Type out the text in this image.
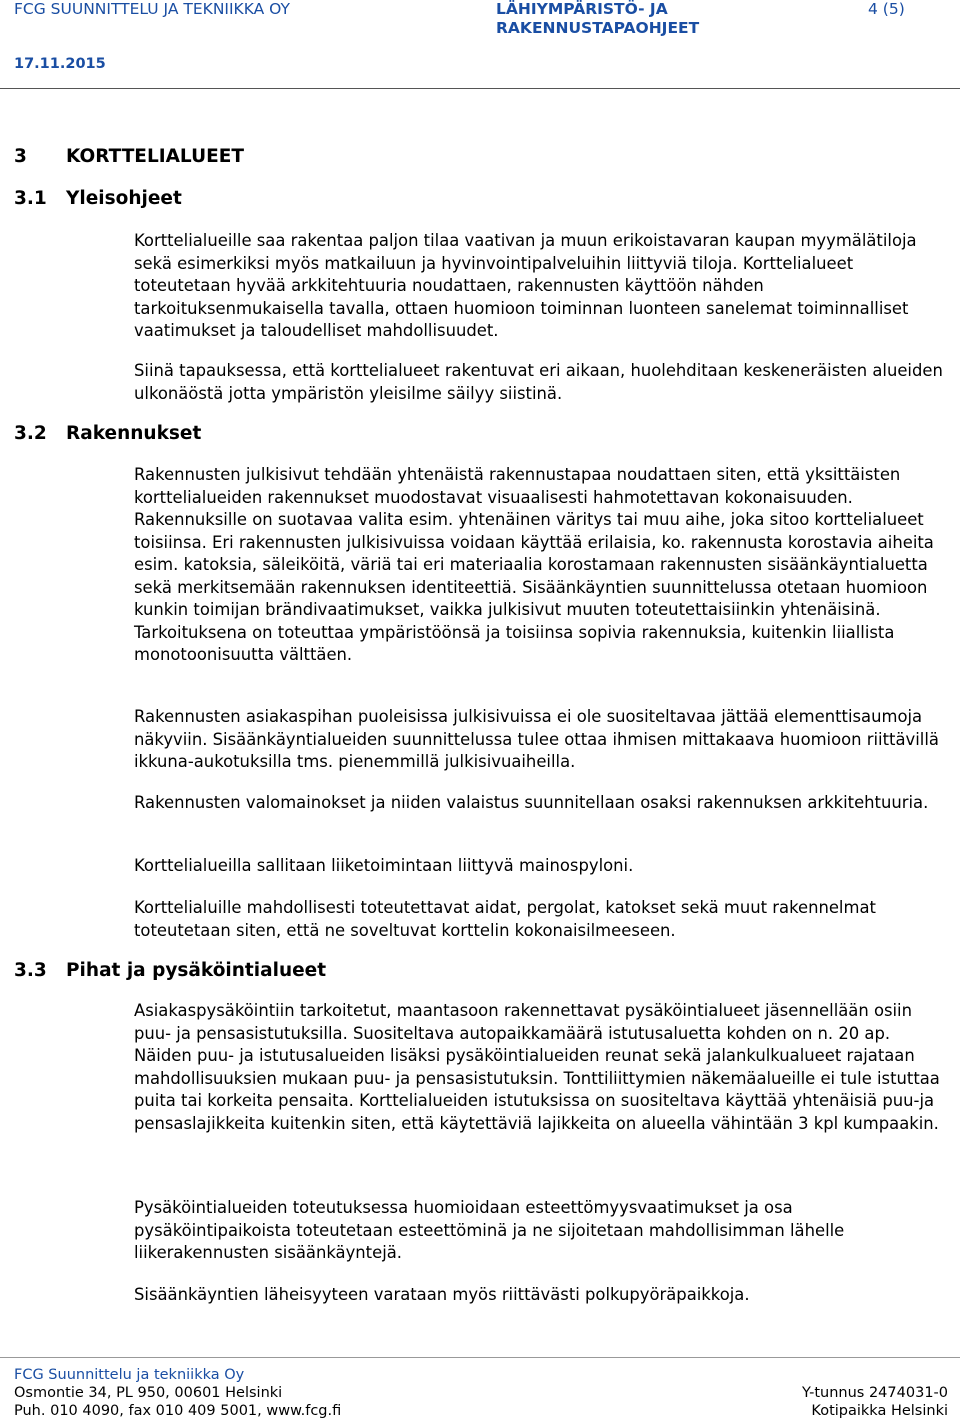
FCG SUUNNITTELU JA TEKNIIKKA OY	LÄHIYMPÄRISTÖ- JA
RAKENNUSTAPAOHJEET
4 (5)
17.11.2015
3 KORTTELIALUEET
3.1 Yleisohjeet

Korttelialueille saa rakentaa paljon tilaa vaativan ja muun erikoistavaran kaupan myymälätiloja sekä esimerkiksi myös matkailuun ja hyvinvointipalveluihin liittyviä tiloja. Korttelialueet toteutetaan hyvää arkkitehtuuria noudattaen, rakennusten käyttöön nähden tarkoituksenmukaisella tavalla, ottaen huomioon toiminnan luonteen sanelemat toiminnalliset vaatimukset ja taloudelliset mahdollisuudet.

Siinä tapauksessa, että korttelialueet rakentuvat eri aikaan, huolehditaan keskeneräisten alueiden ulkonäöstä jotta ympäristön yleisilme säilyy siistinä.

3.2 Rakennukset

Rakennusten julkisivut tehdään yhtenäistä rakennustapaa noudattaen siten, että yksittäisten korttelialueiden rakennukset muodostavat visuaalisesti hahmotettavan kokonaisuuden. Rakennuksille on suotavaa valita esim. yhtenäinen väritys tai muu aihe, joka sitoo korttelialueet toisiinsa. Eri rakennusten julkisivuissa voidaan käyttää erilaisia, ko. rakennusta korostavia aiheita esim. katoksia, säleiköitä, väriä tai eri materiaalia korostamaan rakennusten sisäänkäyntialuetta sekä merkitsemään rakennuksen identiteettiä. Sisäänkäyntien suunnittelussa otetaan huomioon kunkin toimijan brändivaatimukset, vaikka julkisivut muuten toteutettaisiinkin yhtenäisinä. Tarkoituksena on toteuttaa ympäristöönsä ja toisiinsa sopivia rakennuksia, kuitenkin liiallista monotoonisuutta välttäen.

Rakennusten asiakaspihan puoleisissa julkisivuissa ei ole suositeltavaa jättää elementtisaumoja näkyviin. Sisäänkäyntialueiden suunnittelussa tulee ottaa ihmisen mittakaava huomioon riittävillä ikkuna-aukotuksilla tms. pienemmillä julkisivuaiheilla.

Rakennusten valomainokset ja niiden valaistus suunnitellaan osaksi rakennuksen arkkitehtuuria.

Korttelialueilla sallitaan liiketoimintaan liittyvä mainospyloni.

Korttelialuille mahdollisesti toteutettavat aidat, pergolat, katokset sekä muut rakennelmat toteutetaan siten, että ne soveltuvat korttelin kokonaisilmeeseen.

3.3 Pihat ja pysäköintialueet

Asiakaspysäköintiin tarkoitetut, maantasoon rakennettavat pysäköintialueet jäsennellään osiin puu- ja pensasistutuksilla. Suositeltava autopaikkamäärä istutusaluetta kohden on n. 20 ap. Näiden puu- ja istutusalueiden lisäksi pysäköintialueiden reunat sekä jalankulkualueet rajataan mahdollisuuksien mukaan puu- ja pensasistutuksin. Tonttiliittymien näkemäalueille ei tule istuttaa puita tai korkeita pensaita. Korttelialueiden istutuksissa on suositeltava käyttää yhtenäisiä puu-ja pensaslajikkeita kuitenkin siten, että käytettäviä lajikkeita on alueella vähintään 3 kpl kumpaakin.

Pysäköintialueiden toteutuksessa huomioidaan esteettömyysvaatimukset ja osa pysäköintipaikoista toteutetaan esteettöminä ja ne sijoitetaan mahdollisimman lähelle liikerakennusten sisäänkäyntejä.

Sisäänkäyntien läheisyyteen varataan myös riittävästi polkupyöräpaikkoja.

FCG Suunnittelu ja tekniikka Oy
Osmontie 34, PL 950, 00601 Helsinki
Puh. 010 4090, fax 010 409 5001, www.fcg.fi
Y-tunnus 2474031-0
Kotipaikka Helsinki
